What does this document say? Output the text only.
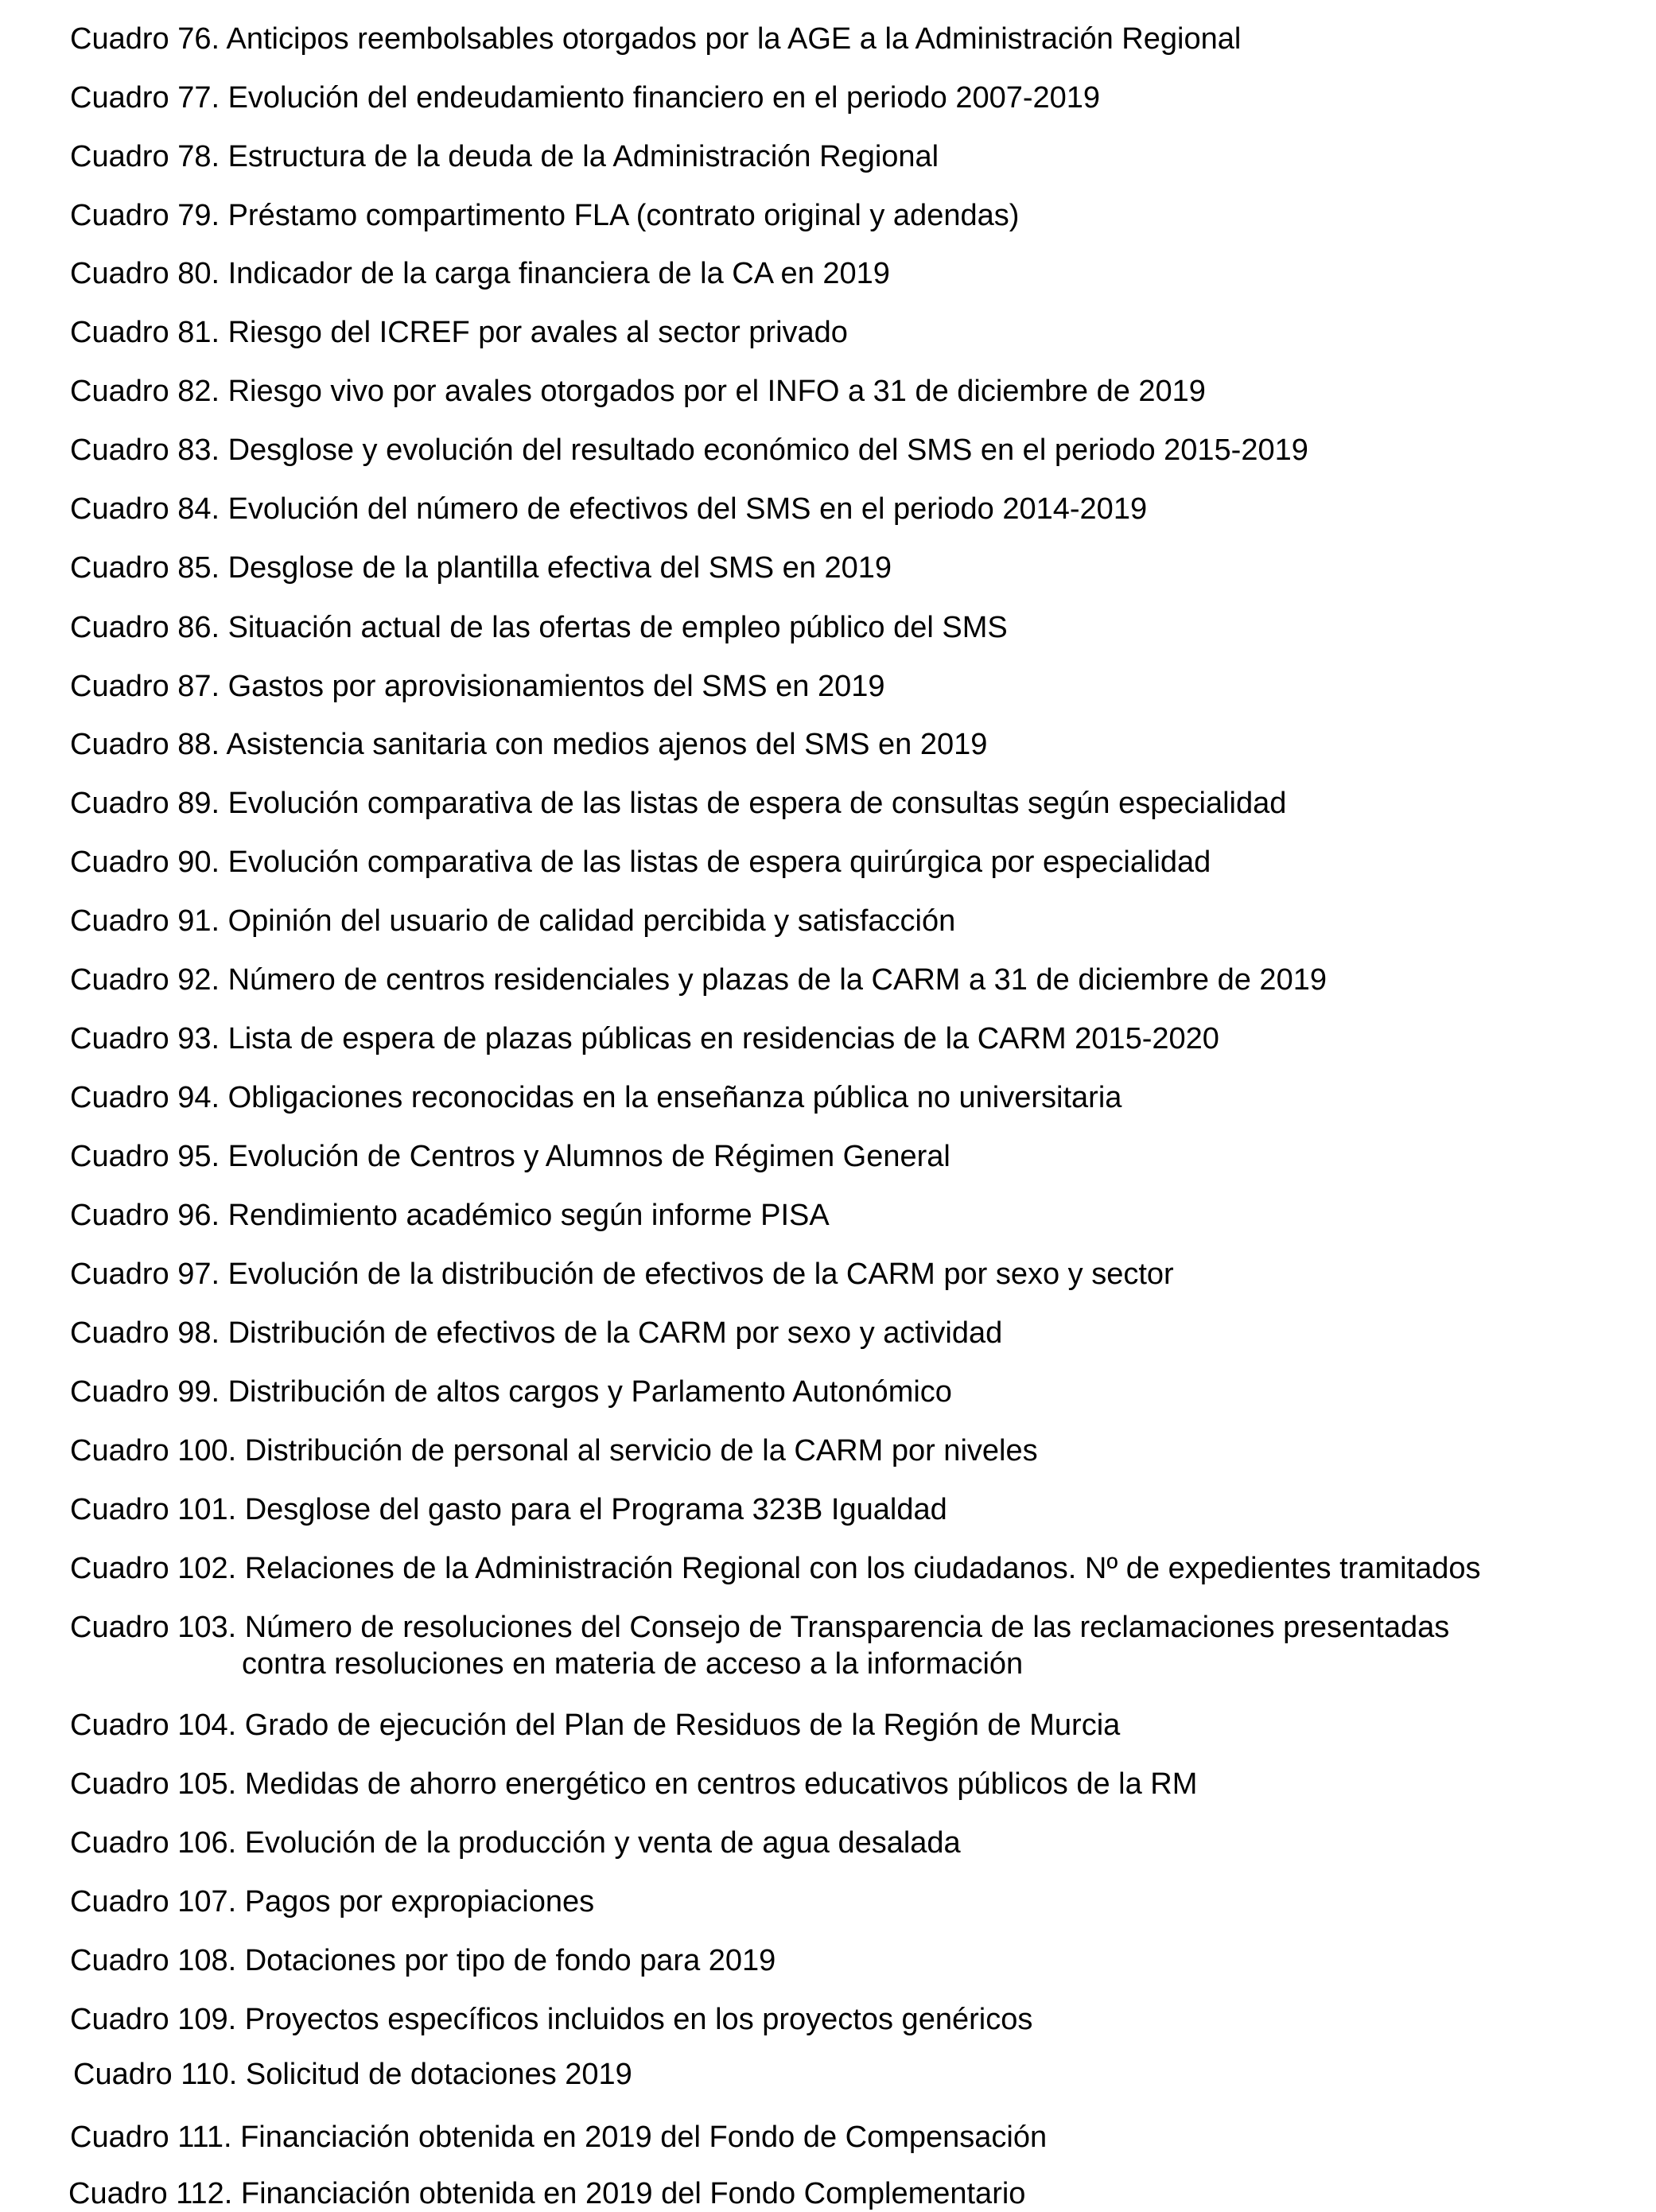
Cuadro 76. Anticipos reembolsables otorgados por la AGE a la Administración Regional
Cuadro 77. Evolución del endeudamiento financiero en el periodo 2007-2019
Cuadro 78. Estructura de la deuda de la Administración Regional
Cuadro 79. Préstamo compartimento FLA (contrato original y adendas)
Cuadro 80. Indicador de la carga financiera de la CA en 2019
Cuadro 81. Riesgo del ICREF por avales al sector privado
Cuadro 82. Riesgo vivo por avales otorgados por el INFO a 31 de diciembre de 2019
Cuadro 83. Desglose y evolución del resultado económico del SMS en el periodo 2015-2019
Cuadro 84. Evolución del número de efectivos del SMS en el periodo 2014-2019
Cuadro 85. Desglose de la plantilla efectiva del SMS en 2019
Cuadro 86. Situación actual de las ofertas de empleo público del SMS
Cuadro 87. Gastos por aprovisionamientos del SMS en 2019
Cuadro 88. Asistencia sanitaria con medios ajenos del SMS en 2019
Cuadro 89. Evolución comparativa de las listas de espera de consultas según especialidad
Cuadro 90. Evolución comparativa de las listas de espera quirúrgica por especialidad
Cuadro 91. Opinión del usuario de calidad percibida y satisfacción
Cuadro 92. Número de centros residenciales y plazas de la CARM a 31 de diciembre de 2019
Cuadro 93. Lista de espera de plazas públicas en residencias de la CARM 2015-2020
Cuadro 94. Obligaciones reconocidas en la enseñanza pública no universitaria
Cuadro 95. Evolución de Centros y Alumnos de Régimen General
Cuadro 96. Rendimiento académico según informe PISA
Cuadro 97. Evolución de la distribución de efectivos de la CARM por sexo y sector
Cuadro 98. Distribución de efectivos de la CARM por sexo y actividad
Cuadro 99. Distribución de altos cargos y Parlamento Autonómico
Cuadro 100. Distribución de personal al servicio de la CARM por niveles
Cuadro 101. Desglose del gasto para el Programa 323B Igualdad
Cuadro 102. Relaciones de la Administración Regional con los ciudadanos. Nº de expedientes tramitados
Cuadro 103. Número de resoluciones del Consejo de Transparencia de las reclamaciones presentadas
contra resoluciones en materia de acceso a la información
Cuadro 104. Grado de ejecución del Plan de Residuos de la Región de Murcia
Cuadro 105. Medidas de ahorro energético en centros educativos públicos de la RM
Cuadro 106. Evolución de la producción y venta de agua desalada
Cuadro 107. Pagos por expropiaciones
Cuadro 108. Dotaciones por tipo de fondo para 2019
Cuadro 109. Proyectos específicos incluidos en los proyectos genéricos
Cuadro 110. Solicitud de dotaciones 2019
Cuadro 111. Financiación obtenida en 2019 del Fondo de Compensación
Cuadro 112. Financiación obtenida en 2019 del Fondo Complementario
